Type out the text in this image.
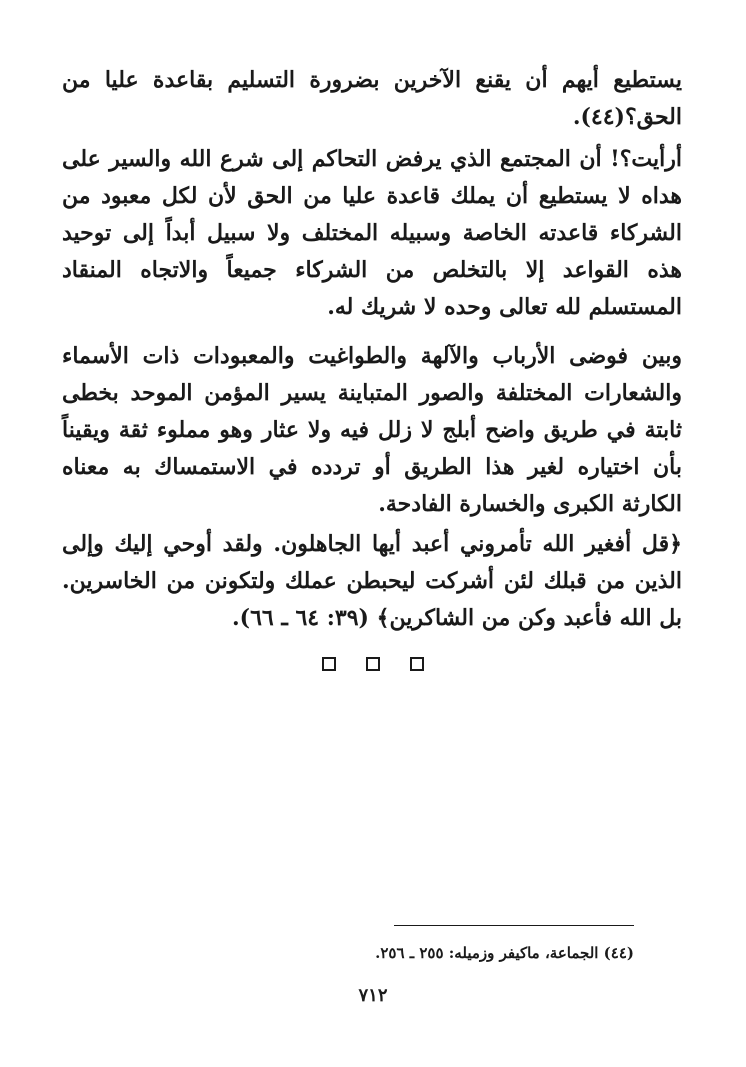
يستطيع أيهم أن يقنع الآخرين بضرورة التسليم بقاعدة عليا من الحق؟(٤٤).

أرأيت؟! أن المجتمع الذي يرفض التحاكم إلى شرع الله والسير على هداه لا يستطيع أن يملك قاعدة عليا من الحق لأن لكل معبود من الشركاء قاعدته الخاصة وسبيله المختلف ولا سبيل أبداً إلى توحيد هذه القواعد إلا بالتخلص من الشركاء جميعاً والاتجاه المنقاد المستسلم لله تعالى وحده لا شريك له.

وبين فوضى الأرباب والآلهة والطواغيت والمعبودات ذات الأسماء والشعارات المختلفة والصور المتباينة يسير المؤمن الموحد بخطى ثابتة في طريق واضح أبلج لا زلل فيه ولا عثار وهو مملوء ثقة ويقيناً بأن اختياره لغير هذا الطريق أو تردده في الاستمساك به معناه الكارثة الكبرى والخسارة الفادحة.

﴿قل أفغير الله تأمروني أعبد أيها الجاهلون. ولقد أوحي إليك وإلى الذين من قبلك لئن أشركت ليحبطن عملك ولتكونن من الخاسرين. بل الله فأعبد وكن من الشاكرين﴾ (٣٩: ٦٤ ـ ٦٦).

(٤٤) الجماعة، ماكيفر وزميله: ٢٥٥ ـ ٢٥٦.
٧١٢
